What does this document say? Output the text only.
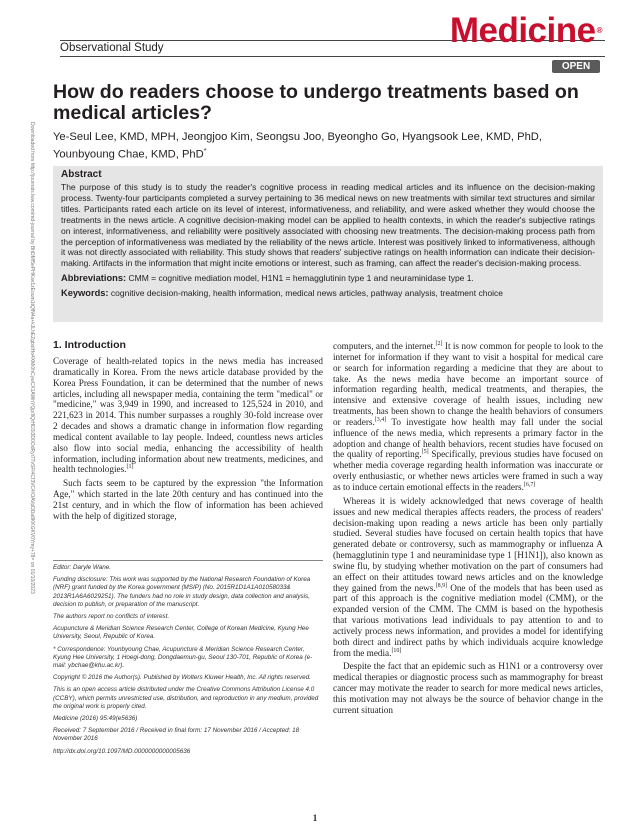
Observational Study	Medicine®
OPEN
Downloaded from http://journals.lww.com/md-journal by BhDMf5ePHKav1zEoum1tQfN4a+kJLhEZgbsIHo4XMi0hCywCX1AWnYQp/IlQrHD3i3D0OdRyi7TvSFl4Cf3VC4/OAVpDDa8KKGKV0Ymy+78= on 01/10/2023
How do readers choose to undergo treatments based on medical articles?
Ye-Seul Lee, KMD, MPH, Jeongjoo Kim, Seongsu Joo, Byeongho Go, Hyangsook Lee, KMD, PhD, Younbyoung Chae, KMD, PhD*
Abstract
The purpose of this study is to study the reader's cognitive process in reading medical articles and its influence on the decision-making process. Twenty-four participants completed a survey pertaining to 36 medical news on new treatments with similar text structures and similar titles. Participants rated each article on its level of interest, informativeness, and reliability, and were asked whether they would choose the treatments in the news article. A cognitive decision-making model can be applied to health contexts, in which the reader's subjective ratings on interest, informativeness, and reliability were positively associated with choosing new treatments. The decision-making process path from the perception of informativeness was mediated by the reliability of the news article. Interest was positively linked to informativeness, although it was not directly associated with reliability. This study shows that readers' subjective ratings on health information can indicate their decision-making. Artifacts in the information that might incite emotions or interest, such as framing, can affect the reader's decision-making process.
Abbreviations: CMM = cognitive mediation model, H1N1 = hemagglutinin type 1 and neuraminidase type 1.
Keywords: cognitive decision-making, health information, medical news articles, pathway analysis, treatment choice
1. Introduction

Coverage of health-related topics in the news media has increased dramatically in Korea. From the news article database provided by the Korea Press Foundation, it can be determined that the number of news articles, including all newspaper media, containing the term "medical" or "medicine," was 3,949 in 1990, and increased to 125,524 in 2010, and 221,623 in 2014. This number surpasses a roughly 30-fold increase over 2 decades and shows a dramatic change in information flow regarding medical content available to lay people. Indeed, countless news articles also flow into social media, enhancing the accessibility of health information, including information about new treatments, medicines, and health technologies.[1]

Such facts seem to be captured by the expression "the Information Age," which started in the late 20th century and has continued into the 21st century, and in which the flow of information has been achieved with the help of digitized storage,

Editor: Daryle Wane.

Funding disclosure: This work was supported by the National Research Foundation of Korea (NRF) grant funded by the Korea government (MSIP) (No. 2015R1D1A1A01058033& 2013R1A6A6029251). The funders had no role in study design, data collection and analysis, decision to publish, or preparation of the manuscript.

The authors report no conflicts of interest.

Acupuncture & Meridian Science Research Center, College of Korean Medicine, Kyung Hee University, Seoul, Republic of Korea.

* Correspondence: Younbyoung Chae, Acupuncture & Meridian Science Research Center, Kyung Hee University, 1 Hoegi-dong, Dongdaemun-gu, Seoul 130-701, Republic of Korea (e-mail: ybchae@khu.ac.kr).

Copyright © 2016 the Author(s). Published by Wolters Kluwer Health, Inc. All rights reserved.

This is an open access article distributed under the Creative Commons Attribution License 4.0 (CCBY), which permits unrestricted use, distribution, and reproduction in any medium, provided the original work is properly cited.

Medicine (2016) 95:49(e5636)

Received: 7 September 2016 / Received in final form: 17 November 2016 / Accepted: 18 November 2016

http://dx.doi.org/10.1097/MD.0000000000005636

computers, and the internet.[2] It is now common for people to look to the internet for information if they want to visit a hospital for medical care or search for information regarding a medicine that they are about to take. As the news media have become an important source of information regarding health, medical treatments, and therapies, the intensive and extensive coverage of health issues, including new treatments, has been shown to change the health behaviors of consumers or readers.[3,4] To investigate how health may fall under the social influence of the news media, which represents a primary factor in the adoption and change of health behaviors, recent studies have focused on the quality of reporting.[5] Specifically, previous studies have focused on whether media coverage regarding health information was inaccurate or overly enthusiastic, or whether news articles were framed in such a way as to induce certain emotional effects in the readers.[6,7]

Whereas it is widely acknowledged that news coverage of health issues and new medical therapies affects readers, the process of readers' decision-making upon reading a news article has been only partially studied. Several studies have focused on certain health topics that have generated debate or controversy, such as mammography or influenza A (hemagglutinin type 1 and neuraminidase type 1 [H1N1]), also known as swine flu, by studying whether motivation on the part of consumers had an effect on their attitudes toward news articles and on the knowledge they gained from the news.[8,9] One of the models that has been used as part of this approach is the cognitive mediation model (CMM), or the expanded version of the CMM. The CMM is based on the hypothesis that various motivations lead individuals to pay attention to and to actively process news information, and provides a model for identifying both direct and indirect paths by which individuals acquire knowledge from the media.[10]

Despite the fact that an epidemic such as H1N1 or a controversy over medical therapies or diagnostic process such as mammography for breast cancer may motivate the reader to search for more medical news articles, this motivation may not always be the source of behavior change in the current situation

1
